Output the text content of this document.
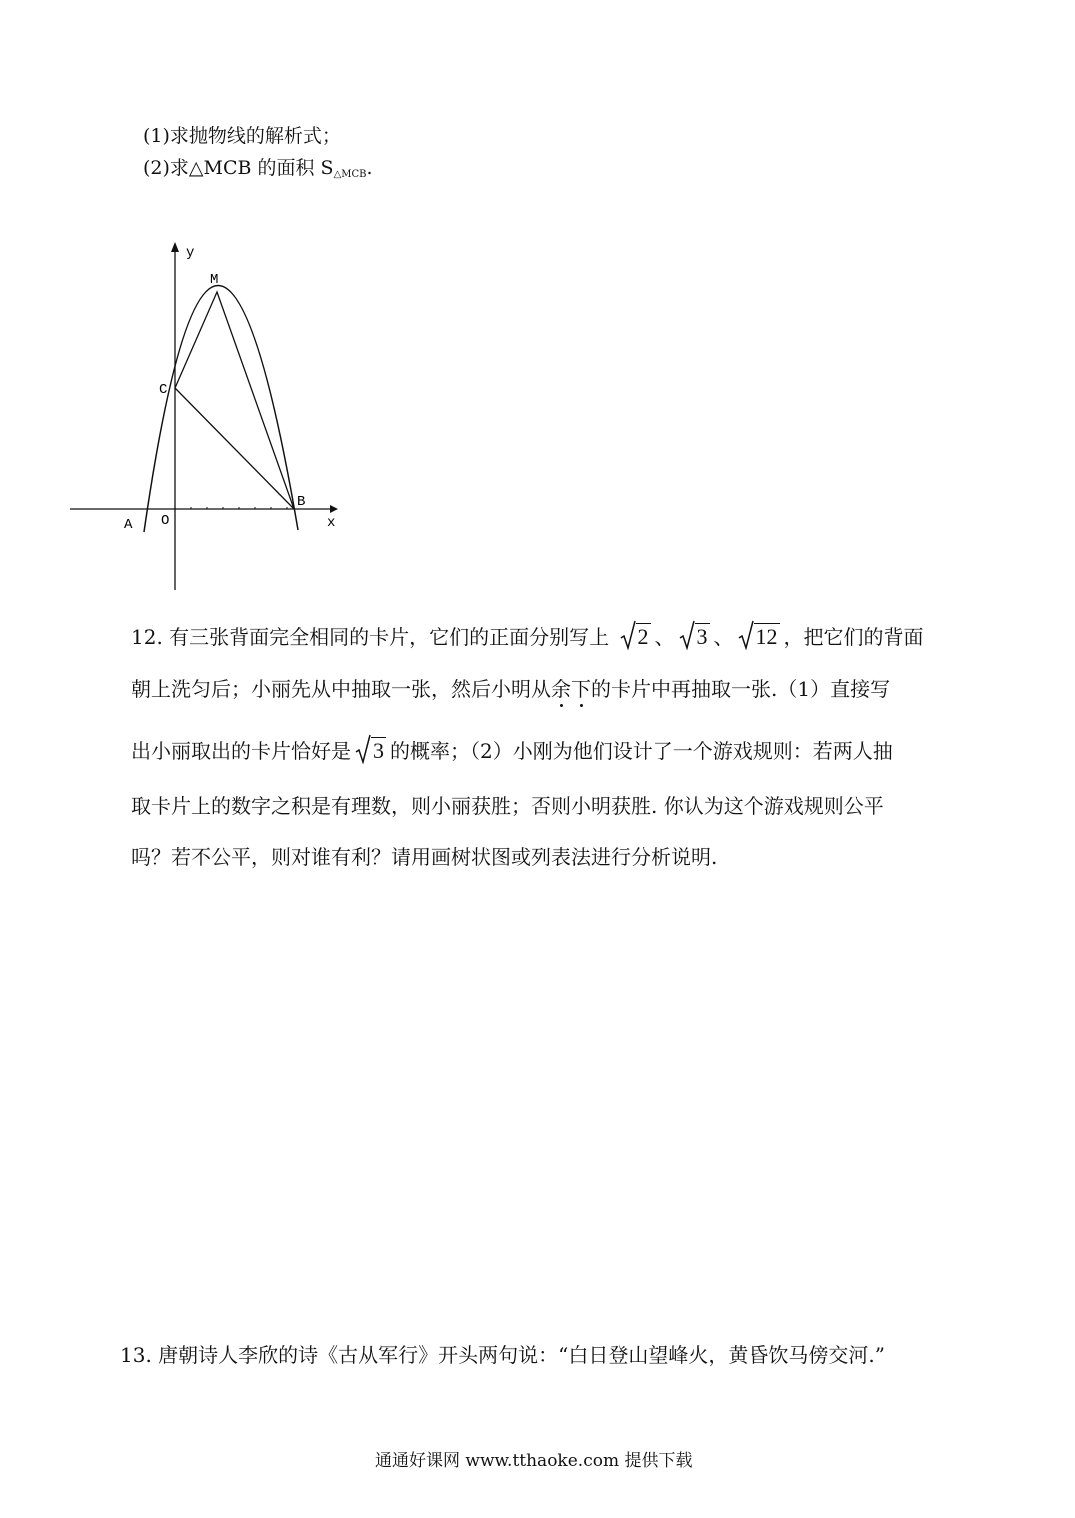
(1)求抛物线的解析式；
(2)求△MCB 的面积 $S_{\triangle MCB}$.
y
M
C
B
A O	x
12. 有三张背面完全相同的卡片，它们的正面分别写上 2 、 3 、 12 ，把它们的背面
朝上洗匀后；小丽先从中抽取一张，然后小明从余下的卡片中再抽取一张.（1）直接写
出小丽取出的卡片恰好是 3 的概率；（2）小刚为他们设计了一个游戏规则：若两人抽
取卡片上的数字之积是有理数，则小丽获胜；否则小明获胜. 你认为这个游戏规则公平
吗？若不公平，则对谁有利？请用画树状图或列表法进行分析说明.
13. 唐朝诗人李欣的诗《古从军行》开头两句说：“白日登山望峰火，黄昏饮马傍交河.”
通通好课网 www.tthaoke.com 提供下载
